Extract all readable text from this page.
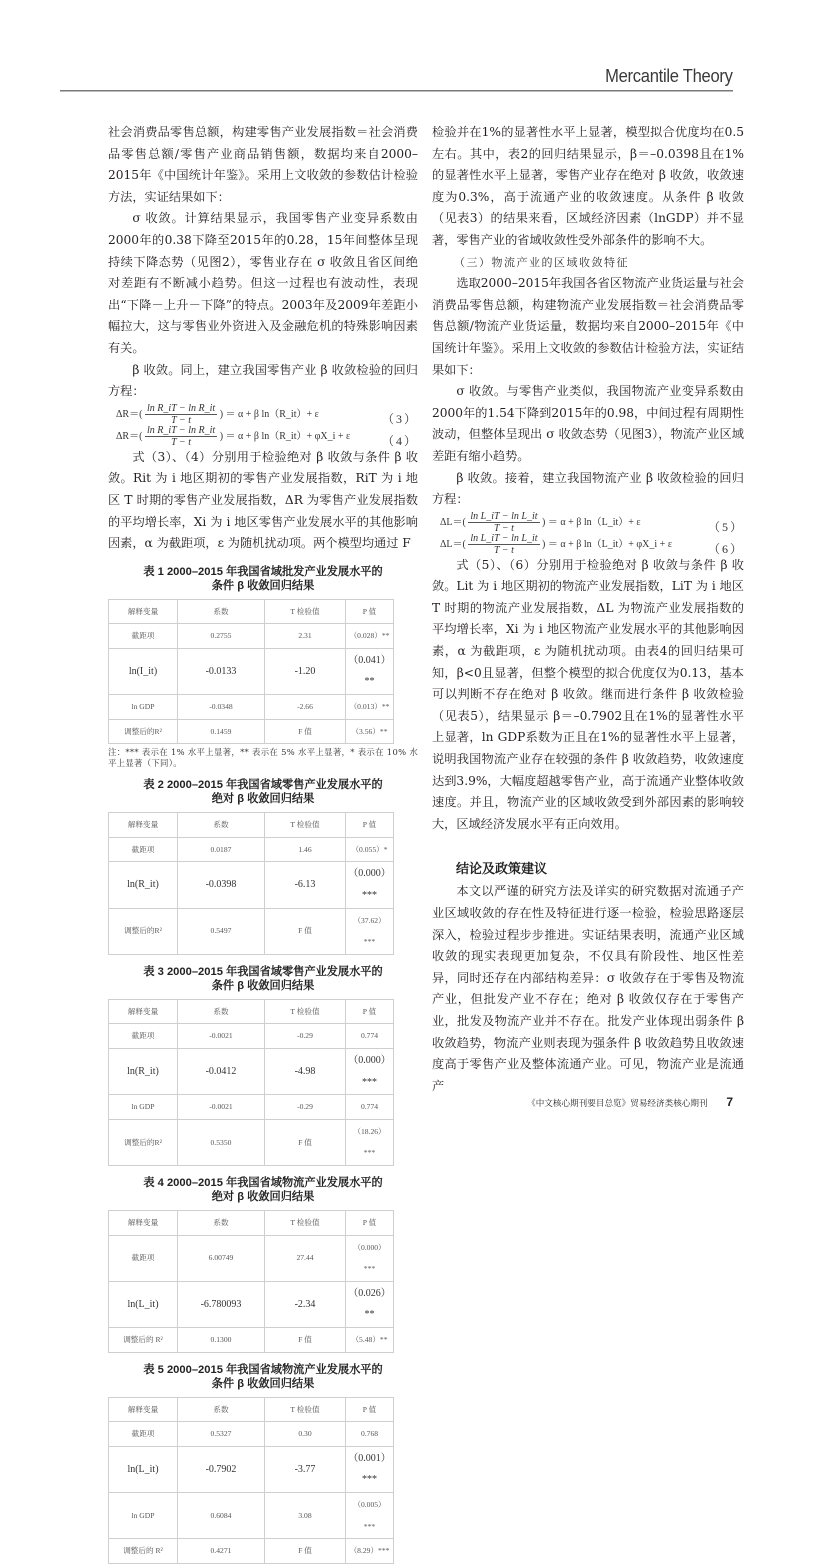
Mercantile Theory

社会消费品零售总额，构建零售产业发展指数＝社会消费品零售总额/零售产业商品销售额，数据均来自2000–2015年《中国统计年鉴》。采用上文收敛的参数估计检验方法，实证结果如下：

σ 收敛。计算结果显示，我国零售产业变异系数由2000年的0.38下降至2015年的0.28，15年间整体呈现持续下降态势（见图2），零售业存在 σ 收敛且省区间绝对差距有不断减小趋势。但这一过程也有波动性，表现出“下降－上升－下降”的特点。2003年及2009年差距小幅拉大，这与零售业外资进入及金融危机的特殊影响因素有关。

β 收敛。同上，建立我国零售产业 β 收敛检验的回归方程：

$\Delta R=( \frac{\text{ln R\_iT − ln R\_it}}{T - t}$ ) ＝ α + β ln（R_it）+ ε	（3）
$\Delta R=( \frac{\text{ln R\_iT − ln R\_it}}{T - t}$ ) ＝ α + β ln（R_it）+ φX_i + ε	（4）

式（3）、（4）分别用于检验绝对 β 收敛与条件 β 收敛。Rit 为 i 地区期初的零售产业发展指数，RiT 为 i 地区 T 时期的零售产业发展指数，ΔR 为零售产业发展指数的平均增长率，Xi 为 i 地区零售产业发展水平的其他影响因素，α 为截距项，ε 为随机扰动项。两个模型均通过 F

表 1 2000–2015 年我国省域批发产业发展水平的
条件 β 收敛回归结果
解释变量	系数	T 检验值	P 值
截距项	0.2755	2.31	（0.028）**
ln(I_it)	-0.0133	-1.20	（0.041）**
ln GDP	-0.0348	-2.66	（0.013）**
调整后的R²	0.1459	F 值	（3.56）**
注：*** 表示在 1% 水平上显著，** 表示在 5% 水平上显著，* 表示在 10% 水平上显著（下同）。
表 2 2000–2015 年我国省域零售产业发展水平的
绝对 β 收敛回归结果
解释变量	系数	T 检验值	P 值
截距项	0.0187	1.46	（0.055）*
ln(R_it)	-0.0398	-6.13	（0.000）***
调整后的R²	0.5497	F 值	（37.62）***
表 3 2000–2015 年我国省域零售产业发展水平的
条件 β 收敛回归结果
解释变量	系数	T 检验值	P 值
截距项	-0.0021	-0.29	0.774
ln(R_it)	-0.0412	-4.98	（0.000）***
ln GDP	-0.0021	-0.29	0.774
调整后的R²	0.5350	F 值	（18.26）***
表 4 2000–2015 年我国省域物流产业发展水平的
绝对 β 收敛回归结果
解释变量	系数	T 检验值	P 值
截距项	6.00749	27.44	（0.000）***
ln(L_it)	-6.780093	-2.34	（0.026）**
调整后的 R²	0.1300	F 值	（5.48）**
表 5 2000–2015 年我国省域物流产业发展水平的
条件 β 收敛回归结果
解释变量	系数	T 检验值	P 值
截距项	0.5327	0.30	0.768
ln(L_it)	-0.7902	-3.77	（0.001）***
ln GDP	0.6084	3.08	（0.005）***
调整后的 R²	0.4271	F 值	（8.29）***

检验并在1%的显著性水平上显著，模型拟合优度均在0.5左右。其中，表2的回归结果显示，β＝–0.0398且在1%的显著性水平上显著，零售产业存在绝对 β 收敛，收敛速度为0.3%，高于流通产业的收敛速度。从条件 β 收敛（见表3）的结果来看，区域经济因素（lnGDP）并不显著，零售产业的省域收敛性受外部条件的影响不大。

（三）物流产业的区域收敛特征

选取2000–2015年我国各省区物流产业货运量与社会消费品零售总额，构建物流产业发展指数＝社会消费品零售总额/物流产业货运量，数据均来自2000–2015年《中国统计年鉴》。采用上文收敛的参数估计检验方法，实证结果如下：

σ 收敛。与零售产业类似，我国物流产业变异系数由2000年的1.54下降到2015年的0.98，中间过程有周期性波动，但整体呈现出 σ 收敛态势（见图3），物流产业区域差距有缩小趋势。

β 收敛。接着，建立我国物流产业 β 收敛检验的回归方程：

$\Delta L=( \frac{\text{ln L\_iT − ln L\_it}}{T - t}$ ) ＝ α + β ln（L_it）+ ε	（5）
$\Delta L=( \frac{\text{ln L\_iT − ln L\_it}}{T - t}$ ) ＝ α + β ln（L_it）+ φX_i + ε	（6）

式（5）、（6）分别用于检验绝对 β 收敛与条件 β 收敛。Lit 为 i 地区期初的物流产业发展指数，LiT 为 i 地区 T 时期的物流产业发展指数，ΔL 为物流产业发展指数的平均增长率，Xi 为 i 地区物流产业发展水平的其他影响因素，α 为截距项，ε 为随机扰动项。由表4的回归结果可知，β<0且显著，但整个模型的拟合优度仅为0.13，基本可以判断不存在绝对 β 收敛。继而进行条件 β 收敛检验（见表5），结果显示 β＝–0.7902且在1%的显著性水平上显著，ln GDP系数为正且在1%的显著性水平上显著，说明我国物流产业存在较强的条件 β 收敛趋势，收敛速度达到3.9%，大幅度超越零售产业，高于流通产业整体收敛速度。并且，物流产业的区域收敛受到外部因素的影响较大，区域经济发展水平有正向效用。

结论及政策建议

本文以严谨的研究方法及详实的研究数据对流通子产业区域收敛的存在性及特征进行逐一检验，检验思路逐层深入，检验过程步步推进。实证结果表明，流通产业区域收敛的现实表现更加复杂，不仅具有阶段性、地区性差异，同时还存在内部结构差异：σ 收敛存在于零售及物流产业，但批发产业不存在；绝对 β 收敛仅存在于零售产业，批发及物流产业并不存在。批发产业体现出弱条件 β 收敛趋势，物流产业则表现为强条件 β 收敛趋势且收敛速度高于零售产业及整体流通产业。可见，物流产业是流通产

《中文核心期刊要目总览》贸易经济类核心期刊 7
